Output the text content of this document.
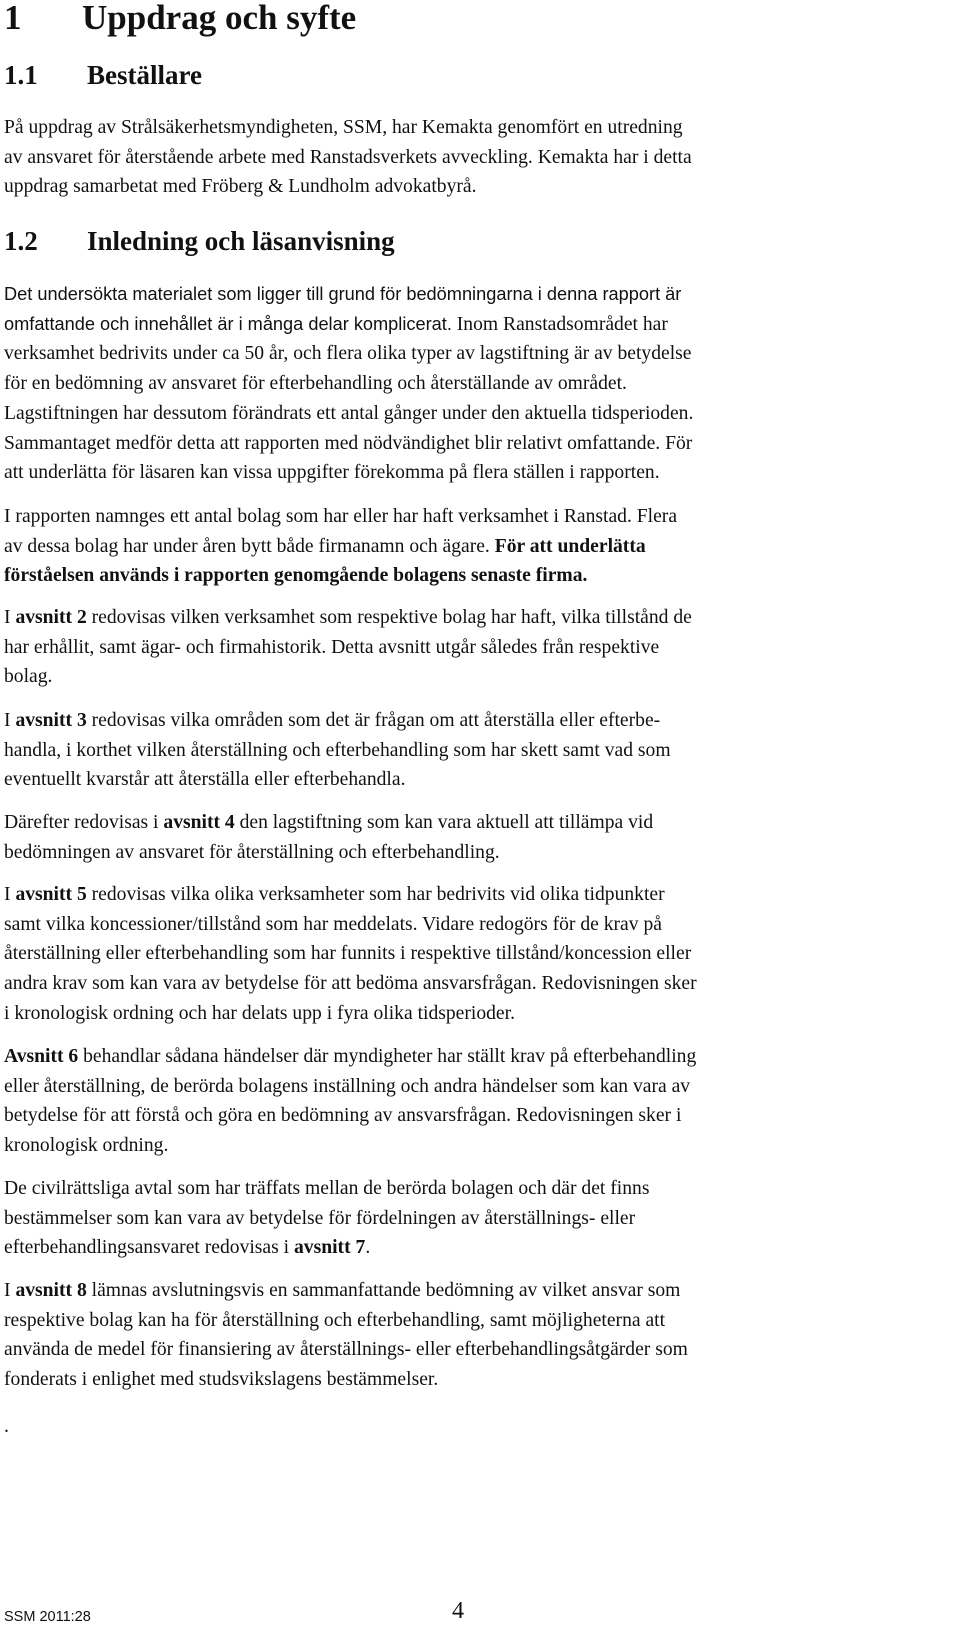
1 Uppdrag och syfte
1.1 Beställare

På uppdrag av Strålsäkerhetsmyndigheten, SSM, har Kemakta genomfört en utredning
av ansvaret för återstående arbete med Ranstadsverkets avveckling. Kemakta har i detta
uppdrag samarbetat med Fröberg & Lundholm advokatbyrå.

1.2 Inledning och läsanvisning

Det undersökta materialet som ligger till grund för bedömningarna i denna rapport är
omfattande och innehållet är i många delar komplicerat. Inom Ranstadsområdet har
verksamhet bedrivits under ca 50 år, och flera olika typer av lagstiftning är av betydelse
för en bedömning av ansvaret för efterbehandling och återställande av området.
Lagstiftningen har dessutom förändrats ett antal gånger under den aktuella tidsperioden.
Sammantaget medför detta att rapporten med nödvändighet blir relativt omfattande. För
att underlätta för läsaren kan vissa uppgifter förekomma på flera ställen i rapporten.

I rapporten namnges ett antal bolag som har eller har haft verksamhet i Ranstad. Flera
av dessa bolag har under åren bytt både firmanamn och ägare. För att underlätta
förståelsen används i rapporten genomgående bolagens senaste firma.

I avsnitt 2 redovisas vilken verksamhet som respektive bolag har haft, vilka tillstånd de
har erhållit, samt ägar- och firmahistorik. Detta avsnitt utgår således från respektive
bolag.

I avsnitt 3 redovisas vilka områden som det är frågan om att återställa eller efterbe-
handla, i korthet vilken återställning och efterbehandling som har skett samt vad som
eventuellt kvarstår att återställa eller efterbehandla.

Därefter redovisas i avsnitt 4 den lagstiftning som kan vara aktuell att tillämpa vid
bedömningen av ansvaret för återställning och efterbehandling.

I avsnitt 5 redovisas vilka olika verksamheter som har bedrivits vid olika tidpunkter
samt vilka koncessioner/tillstånd som har meddelats. Vidare redogörs för de krav på
återställning eller efterbehandling som har funnits i respektive tillstånd/koncession eller
andra krav som kan vara av betydelse för att bedöma ansvarsfrågan. Redovisningen sker
i kronologisk ordning och har delats upp i fyra olika tidsperioder.

Avsnitt 6 behandlar sådana händelser där myndigheter har ställt krav på efterbehandling
eller återställning, de berörda bolagens inställning och andra händelser som kan vara av
betydelse för att förstå och göra en bedömning av ansvarsfrågan. Redovisningen sker i
kronologisk ordning.

De civilrättsliga avtal som har träffats mellan de berörda bolagen och där det finns
bestämmelser som kan vara av betydelse för fördelningen av återställnings- eller
efterbehandlingsansvaret redovisas i avsnitt 7.

I avsnitt 8 lämnas avslutningsvis en sammanfattande bedömning av vilket ansvar som
respektive bolag kan ha för återställning och efterbehandling, samt möjligheterna att
använda de medel för finansiering av återställnings- eller efterbehandlingsåtgärder som
fonderats i enlighet med studsvikslagens bestämmelser.

.
SSM 2011:28	4
